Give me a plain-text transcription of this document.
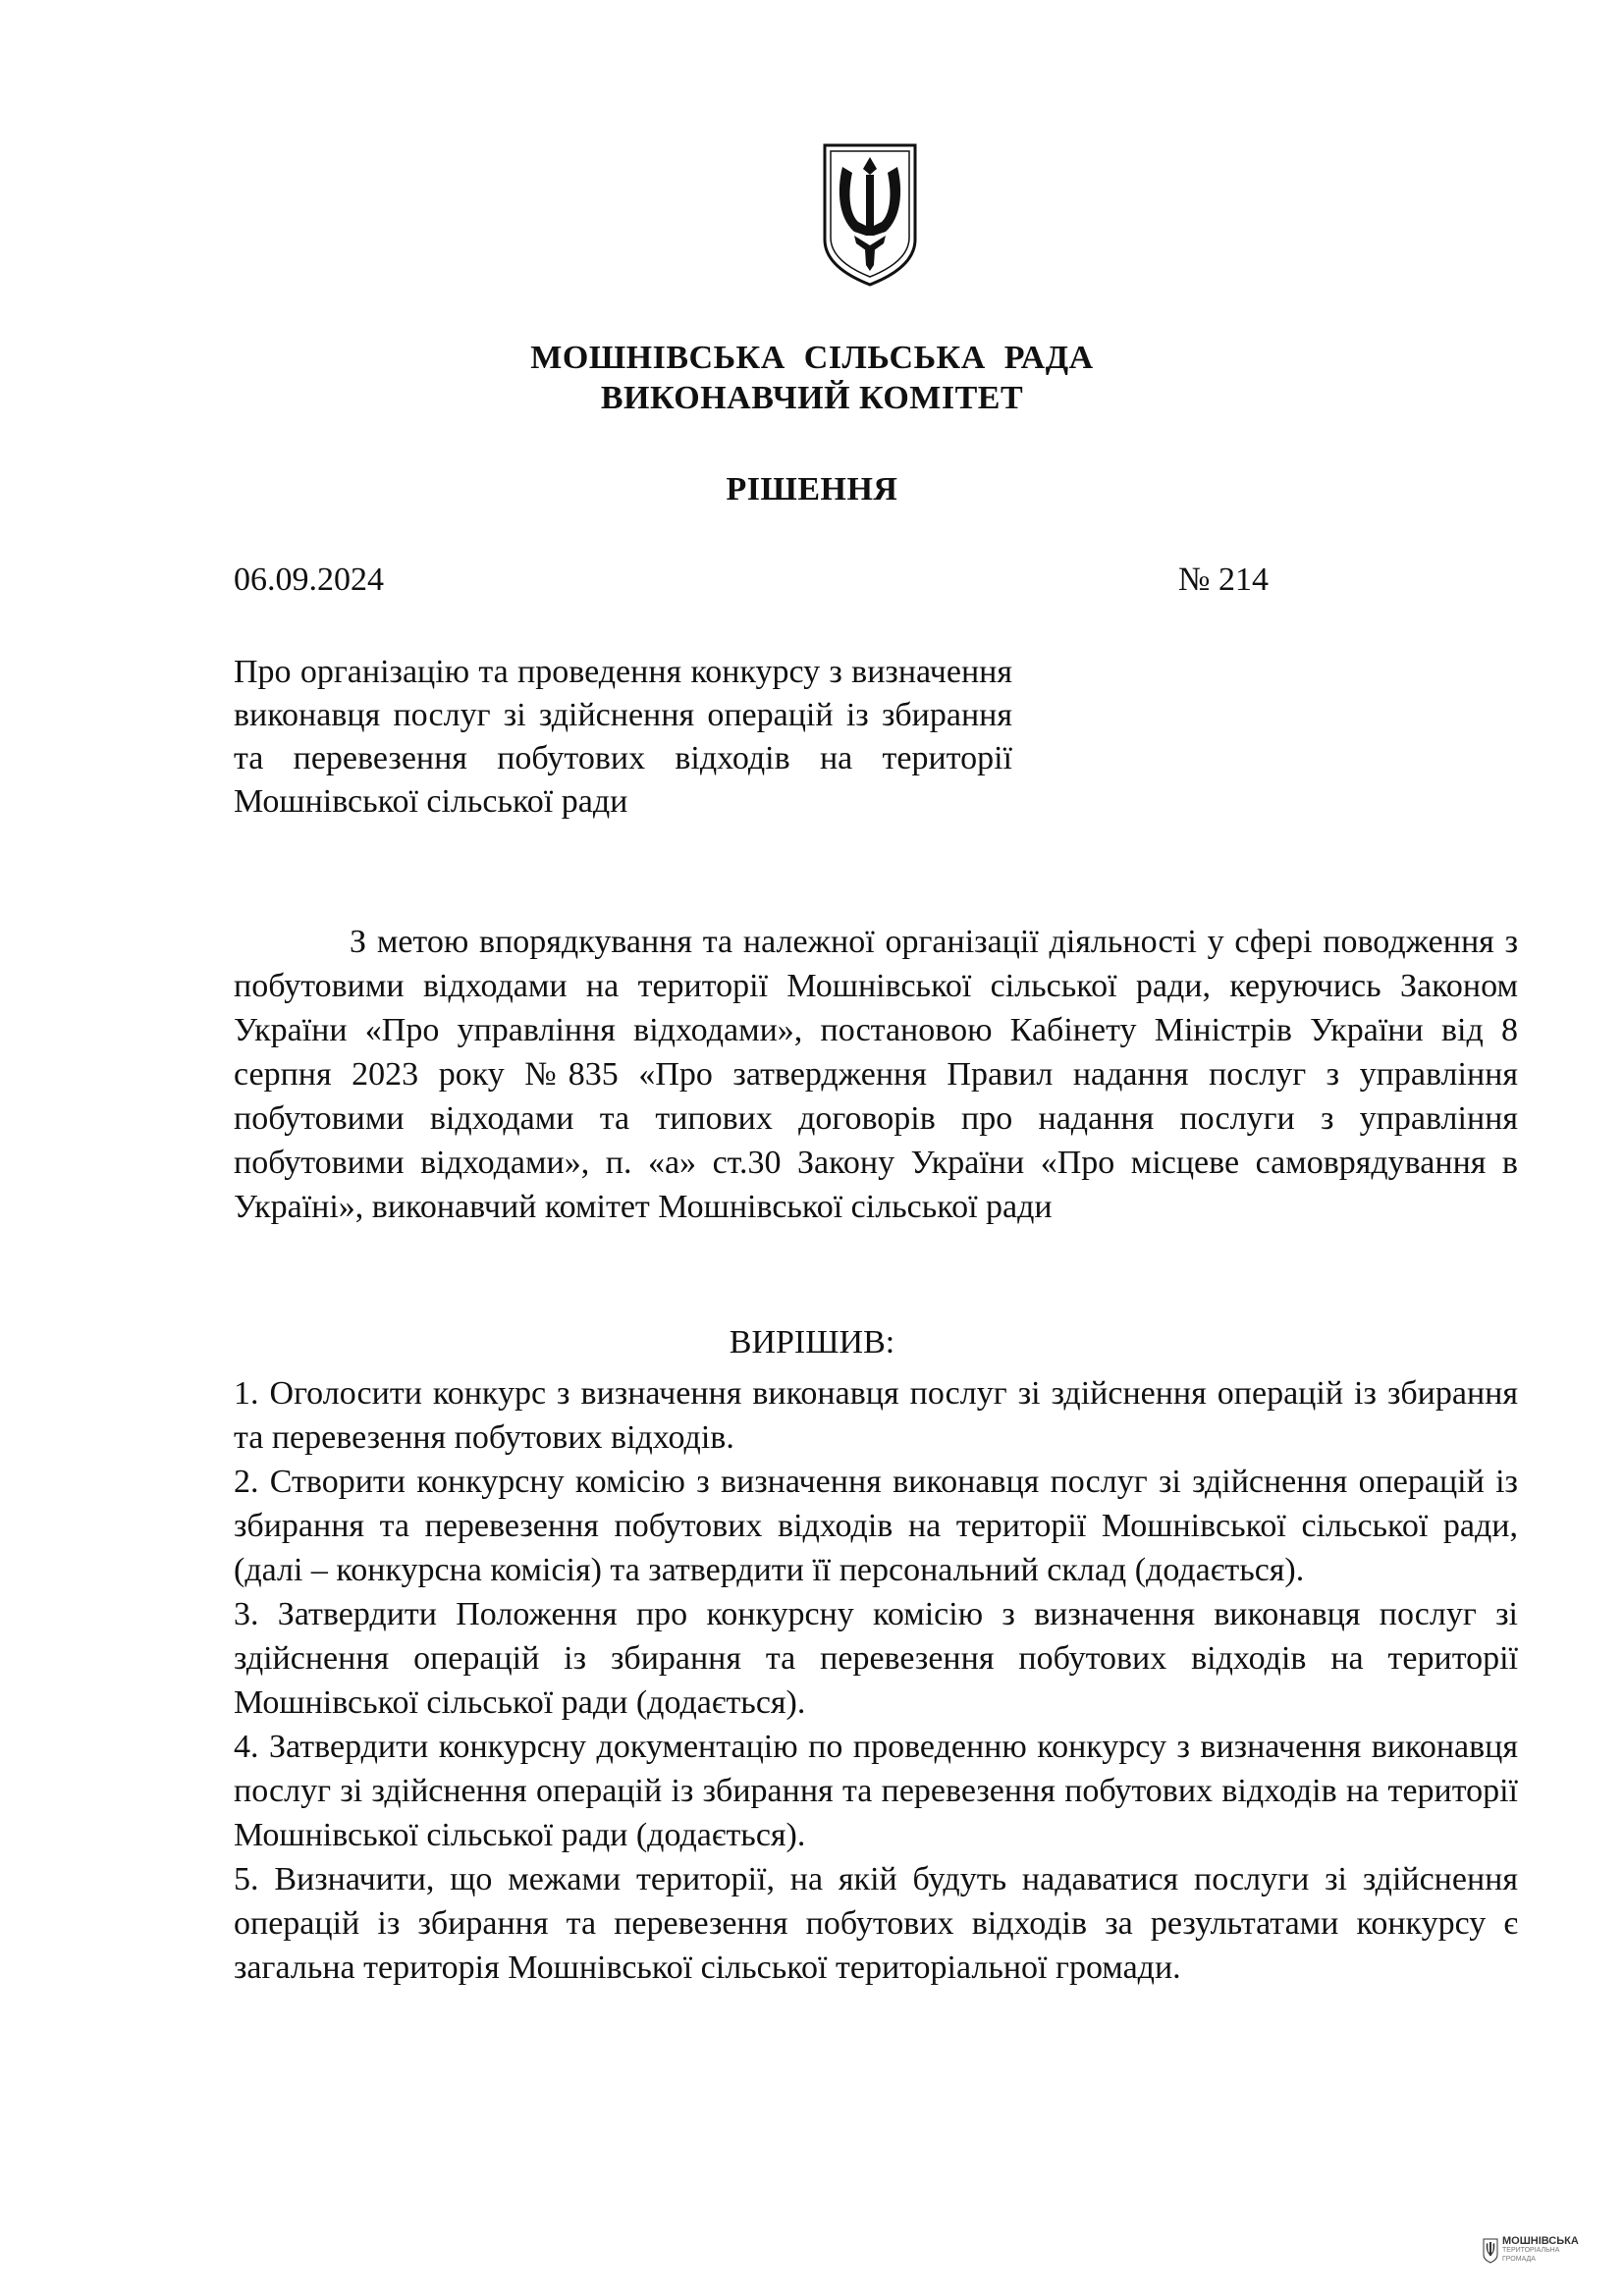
МОШНІВСЬКА СІЛЬСЬКА РАДА
ВИКОНАВЧИЙ КОМІТЕТ
РІШЕННЯ
06.09.2024	№ 214
Про організацію та проведення конкурсу з визначення виконавця послуг зі здійснення операцій із збирання та перевезення побутових відходів на території Мошнівської сільської ради
З метою впорядкування та належної організації діяльності у сфері поводження з побутовими відходами на території Мошнівської сільської ради, керуючись Законом України «Про управління відходами», постановою Кабінету Міністрів України від 8 серпня 2023 року №835 «Про затвердження Правил надання послуг з управління побутовими відходами та типових договорів про надання послуги з управління побутовими відходами», п. «а» ст.30 Закону України «Про місцеве самоврядування в Україні», виконавчий комітет Мошнівської сільської ради
ВИРІШИВ:

1. Оголосити конкурс з визначення виконавця послуг зі здійснення операцій із збирання та перевезення побутових відходів.

2. Створити конкурсну комісію з визначення виконавця послуг зі здійснення операцій із збирання та перевезення побутових відходів на території Мошнівської сільської ради, (далі – конкурсна комісія) та затвердити її персональний склад (додається).

3. Затвердити Положення про конкурсну комісію з визначення виконавця послуг зі здійснення операцій із збирання та перевезення побутових відходів на території Мошнівської сільської ради (додається).

4. Затвердити конкурсну документацію по проведенню конкурсу з визначення виконавця послуг зі здійснення операцій із збирання та перевезення побутових відходів на території Мошнівської сільської ради (додається).

5. Визначити, що межами території, на якій будуть надаватися послуги зі здійснення операцій із збирання та перевезення побутових відходів за результатами конкурсу є загальна територія Мошнівської сільської територіальної громади.

МОШНІВСЬКА
ТЕРИТОРІАЛЬНА
ГРОМАДА
